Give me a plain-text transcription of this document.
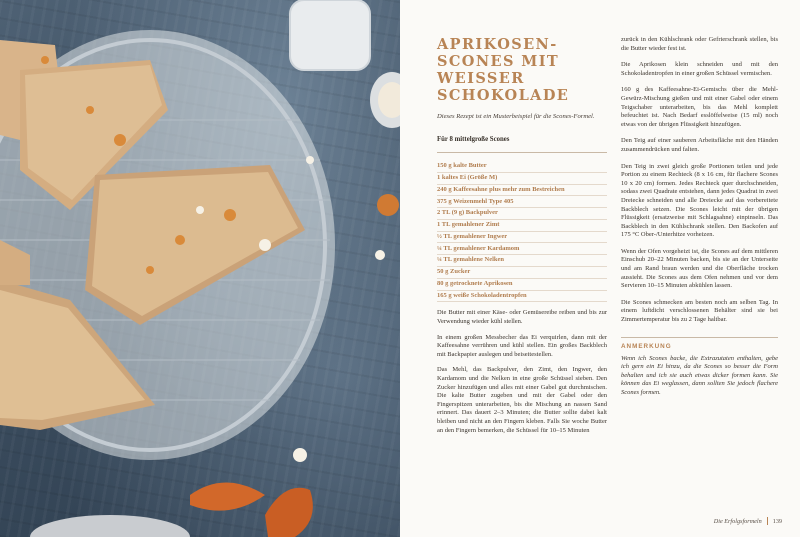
APRIKOSEN-
SCONES MIT
WEISSER
SCHOKOLADE

Dieses Rezept ist ein Musterbeispiel für die Scones-Formel.

Für 8 mittelgroße Scones

150 g kalte Butter
1 kaltes Ei (Größe M)
240 g Kaffeesahne plus mehr zum Bestreichen
375 g Weizenmehl Type 405
2 TL (9 g) Backpulver
1 TL gemahlener Zimt
½ TL gemahlener Ingwer
¼ TL gemahlener Kardamom
¼ TL gemahlene Nelken
50 g Zucker
80 g getrocknete Aprikosen
165 g weiße Schokoladentropfen

Die Butter mit einer Käse- oder Gemüsereibe reiben und bis zur Verwendung wieder kühl stellen.

In einem großen Messbecher das Ei verquirlen, dann mit der Kaffeesahne verrühren und kühl stellen. Ein großes Backblech mit Backpapier auslegen und beiseitestellen.

Das Mehl, das Backpulver, den Zimt, den Ingwer, den Kardamom und die Nelken in eine große Schüssel sieben. Den Zucker hinzufügen und alles mit einer Gabel gut durchmischen. Die kalte Butter zugeben und mit der Gabel oder den Fingerspitzen unterarbeiten, bis die Mischung an nassen Sand erinnert. Das dauert 2–3 Minuten; die Butter sollte dabei kalt bleiben und nicht an den Fingern kleben. Falls Sie woche Butter an den Fingern bemerken, die Schüssel für 10–15 Minuten

zurück in den Kühlschrank oder Gefrierschrank stellen, bis die Butter wieder fest ist.

Die Aprikosen klein schneiden und mit den Schokoladentropfen in einer großen Schüssel vermischen.

160 g des Kaffeesahne-Ei-Gemischs über die Mehl-Gewürz-Mischung gießen und mit einer Gabel oder einem Teigschaber unterarbeiten, bis das Mehl komplett befeuchtet ist. Nach Bedarf esslöffelweise (15 ml) noch etwas von der übrigen Flüssigkeit hinzufügen.

Den Teig auf einer sauberen Arbeitsfläche mit den Händen zusammendrücken und falten.

Den Teig in zwei gleich große Portionen teilen und jede Portion zu einem Rechteck (8 x 16 cm, für flachere Scones 10 x 20 cm) formen. Jedes Rechteck quer durchschneiden, sodass zwei Quadrate entstehen, dann jedes Quadrat in zwei Dreiecke schneiden und alle Dreiecke auf das vorbereitete Backblech setzen. Die Scones leicht mit der übrigen Flüssigkeit (ersatzweise mit Schlagsahne) einpinseln. Das Backblech in den Kühlschrank stellen. Den Backofen auf 175 °C Ober-/Unterhitze vorheizen.

Wenn der Ofen vorgeheizt ist, die Scones auf dem mittleren Einschub 20–22 Minuten backen, bis sie an der Unterseite und am Rand braun werden und die Oberfläche trocken aussieht. Die Scones aus dem Ofen nehmen und vor dem Servieren 10–15 Minuten abkühlen lassen.

Die Scones schmecken am besten noch am selben Tag. In einem luftdicht verschlossenen Behälter sind sie bei Zimmertemperatur bis zu 2 Tage haltbar.

ANMERKUNG

Wenn ich Scones backe, die Extrazutaten enthalten, gebe ich gern ein Ei hinzu, da die Scones so besser die Form behalten und ich sie auch etwas dicker formen kann. Sie können das Ei weglassen, dann sollten Sie jedoch flachere Scones formen.

Die Erfolgsformeln 139
